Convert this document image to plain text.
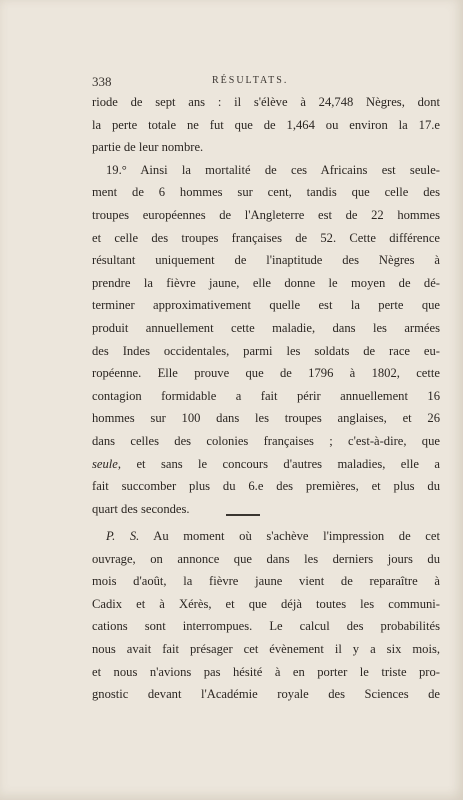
338	RÉSULTATS.
riode de sept ans : il s'élève à 24,748 Nègres, dont
la perte totale ne fut que de 1,464 ou environ la 17.e
partie de leur nombre.
19.° Ainsi la mortalité de ces Africains est seule-
ment de 6 hommes sur cent, tandis que celle des
troupes européennes de l'Angleterre est de 22 hommes
et celle des troupes françaises de 52. Cette différence
résultant uniquement de l'inaptitude des Nègres à
prendre la fièvre jaune, elle donne le moyen de dé-
terminer approximativement quelle est la perte que
produit annuellement cette maladie, dans les armées
des Indes occidentales, parmi les soldats de race eu-
ropéenne. Elle prouve que de 1796 à 1802, cette
contagion formidable a fait périr annuellement 16
hommes sur 100 dans les troupes anglaises, et 26
dans celles des colonies françaises ; c'est-à-dire, que
seule, et sans le concours d'autres maladies, elle a
fait succomber plus du 6.e des premières, et plus du
quart des secondes.
P. S. Au moment où s'achève l'impression de cet
ouvrage, on annonce que dans les derniers jours du
mois d'août, la fièvre jaune vient de reparaître à
Cadix et à Xérès, et que déjà toutes les communi-
cations sont interrompues. Le calcul des probabilités
nous avait fait présager cet évènement il y a six mois,
et nous n'avions pas hésité à en porter le triste pro-
gnostic devant l'Académie royale des Sciences de
